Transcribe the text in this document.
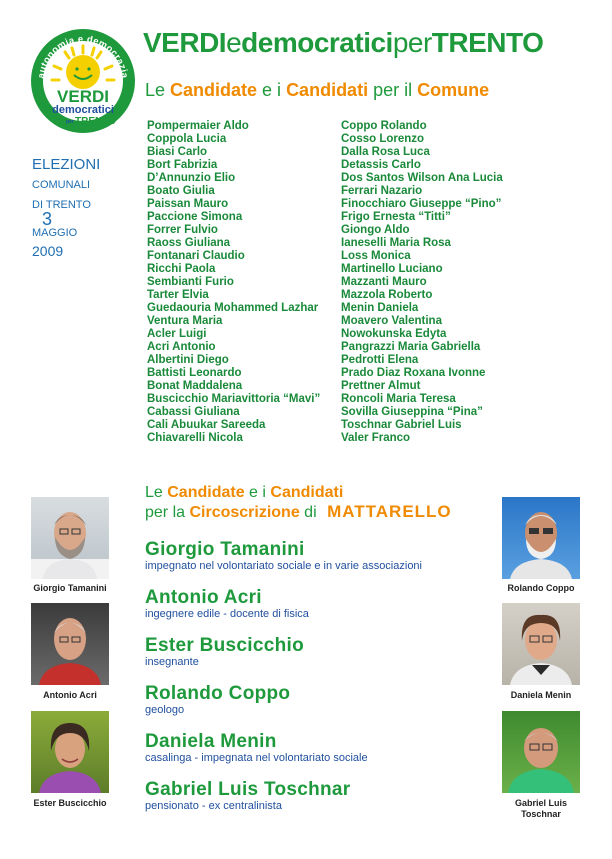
autonomia e democrazia
VERDI
democratici
per TRENTO
VERDIedemocraticiperTRENTO
Le Candidate e i Candidati per il Comune
ELEZIONI
COMUNALI
DI TRENTO
3
MAGGIO
2009
Pompermaier Aldo
Coppola Lucia
Biasi Carlo
Bort Fabrizia
D’Annunzio Elio
Boato Giulia
Paissan Mauro
Paccione Simona
Forrer Fulvio
Raoss Giuliana
Fontanari Claudio
Ricchi Paola
Sembianti Furio
Tarter Elvia
Guedaouria Mohammed Lazhar
Ventura Maria
Acler Luigi
Acri Antonio
Albertini Diego
Battisti Leonardo
Bonat Maddalena
Buscicchio Mariavittoria “Mavi”
Cabassi Giuliana
Cali Abuukar Sareeda
Chiavarelli Nicola
Coppo Rolando
Cosso Lorenzo
Dalla Rosa Luca
Detassis Carlo
Dos Santos Wilson Ana Lucia
Ferrari Nazario
Finocchiaro Giuseppe “Pino”
Frigo Ernesta “Titti”
Giongo Aldo
Ianeselli Maria Rosa
Loss Monica
Martinello Luciano
Mazzanti Mauro
Mazzola Roberto
Menin Daniela
Moavero Valentina
Nowokunska Edyta
Pangrazzi Maria Gabriella
Pedrotti Elena
Prado Diaz Roxana Ivonne
Prettner Almut
Roncoli Maria Teresa
Sovilla Giuseppina “Pina”
Toschnar Gabriel Luis
Valer Franco
Le Candidate e i Candidati
per la Circoscrizione di MATTARELLO

Giorgio Tamanini

impegnato nel volontariato sociale e in varie associazioni

Antonio Acri

ingegnere edile - docente di fisica

Ester Buscicchio

insegnante

Rolando Coppo

geologo

Daniela Menin

casalinga - impegnata nel volontariato sociale

Gabriel Luis Toschnar

pensionato - ex centralinista

Giorgio Tamanini
Antonio Acri
Ester Buscicchio
Rolando Coppo
Daniela Menin
Gabriel Luis
Toschnar
